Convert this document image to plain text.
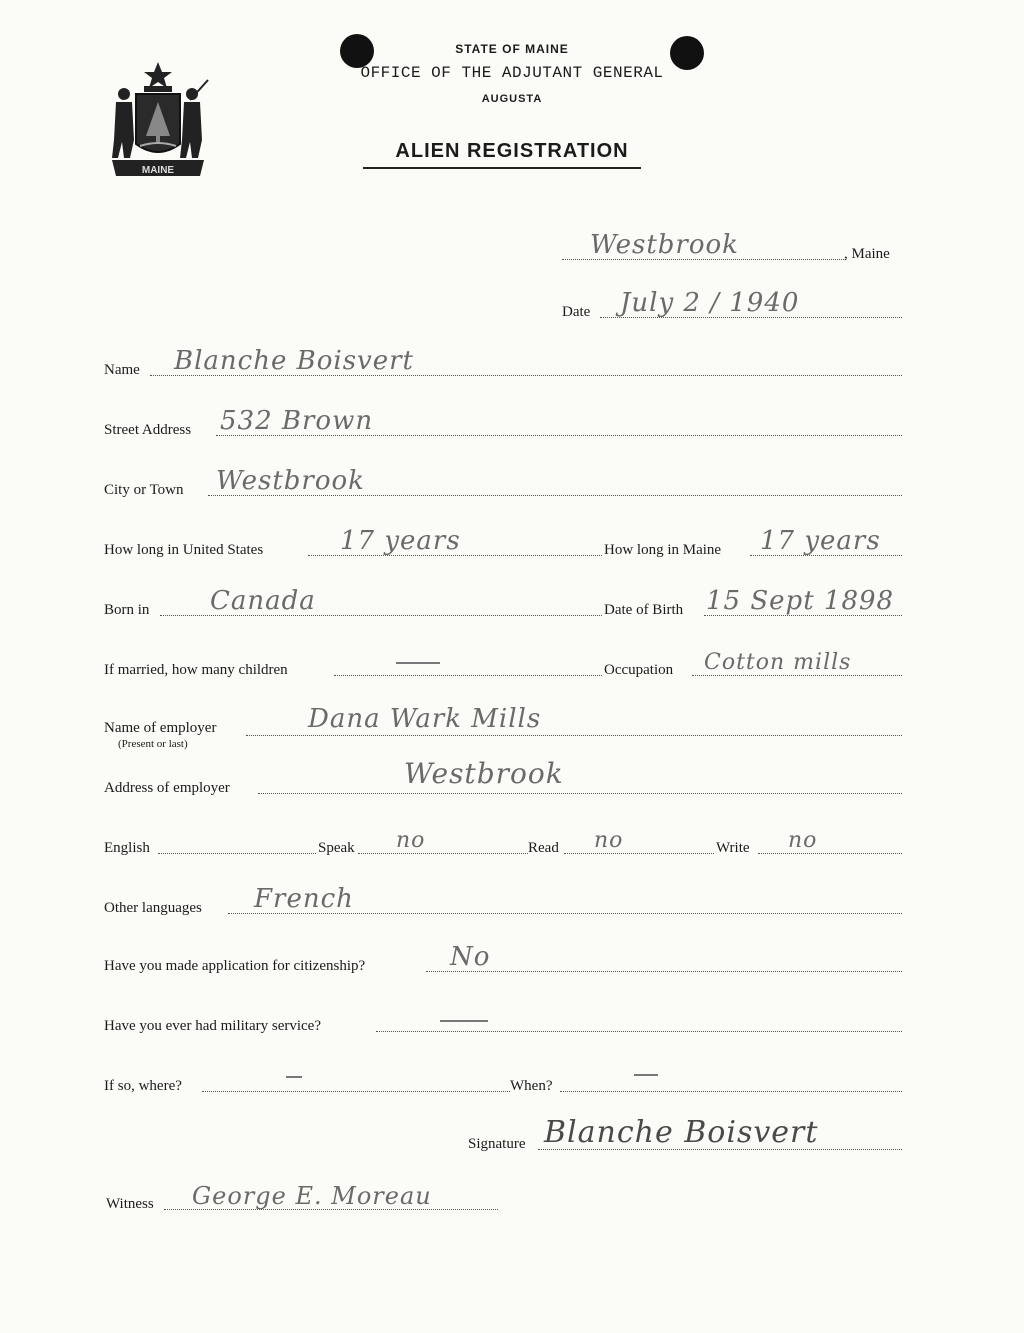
MAINE
STATE OF MAINE
OFFICE OF THE ADJUTANT GENERAL
AUGUSTA
ALIEN REGISTRATION
Westbrook	, Maine
Date July 2 / 1940
Name Blanche Boisvert
Street Address 532 Brown
City or Town Westbrook
How long in United States	17 years	How long in Maine 17 years
Born in Canada	Date of Birth 15 Sept 1898
If married, how many children	Occupation Cotton mills
Name of employer	Dana Wark Mills
(Present or last)
Address of employer	Westbrook
English	Speak no	Read no	Write no
Other languages French
Have you made application for citizenship?	No
Have you ever had military service?
If so, where?	When?
Signature Blanche Boisvert
Witness George E. Moreau
